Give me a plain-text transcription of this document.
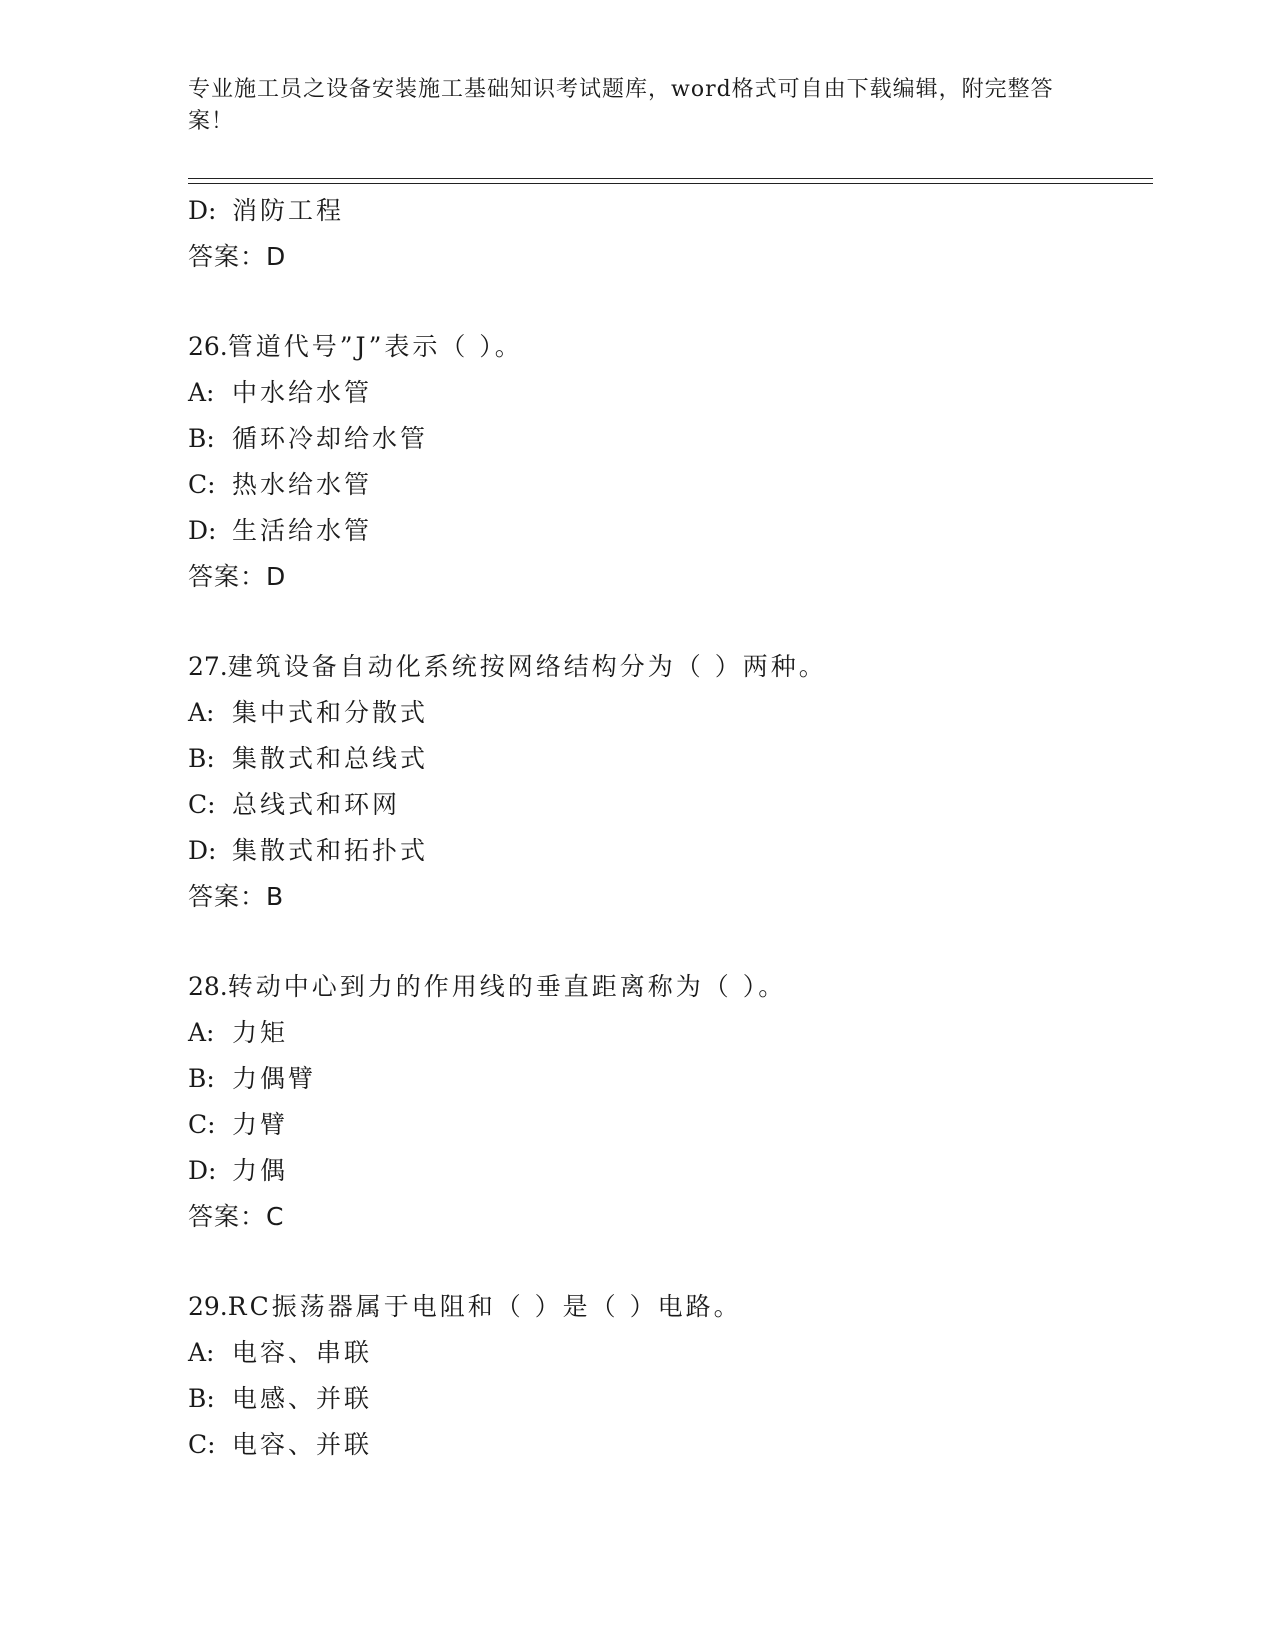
专业施工员之设备安装施工基础知识考试题库，word格式可自由下载编辑，附完整答案！
D: 消防工程
答案：D
26.管道代号”J”表示（ ）。
A: 中水给水管
B: 循环冷却给水管
C: 热水给水管
D: 生活给水管
答案：D
27.建筑设备自动化系统按网络结构分为（ ）两种。
A: 集中式和分散式
B: 集散式和总线式
C: 总线式和环网
D: 集散式和拓扑式
答案：B
28.转动中心到力的作用线的垂直距离称为（ ）。
A: 力矩
B: 力偶臂
C: 力臂
D: 力偶
答案：C
29.RC振荡器属于电阻和（ ）是（ ）电路。
A: 电容、串联
B: 电感、并联
C: 电容、并联
